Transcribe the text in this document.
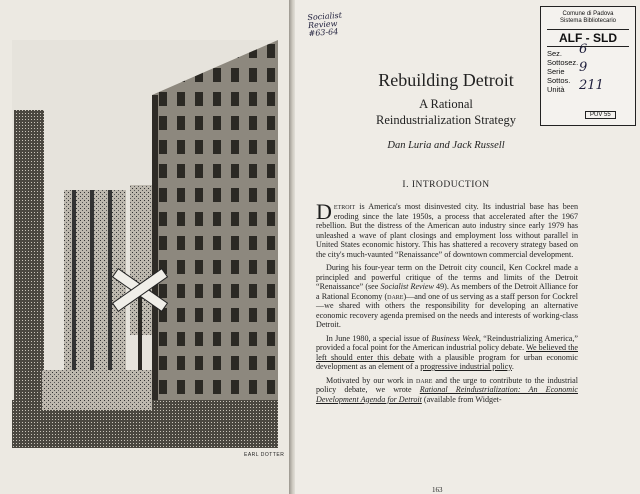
EARL DOTTER
Socialist
Review
#63-64
Comune di Padova
Sistema Bibliotecario
ALF - SLD
Sez. 6
Sottosez.
Serie 9
Sottos.
Unità 211
PUV 55
Rebuilding Detroit
A Rational
Reindustrialization Strategy
Dan Luria and Jack Russell
I. INTRODUCTION

Detroit is America's most disinvested city. Its industrial base has been eroding since the late 1950s, a process that accelerated after the 1967 rebellion. But the distress of the American auto industry since early 1979 has unleashed a wave of plant closings and employment loss without parallel in United States economic history. This has shattered a recovery strategy based on the city's much-vaunted “Renaissance” of downtown commercial development.

During his four-year term on the Detroit city council, Ken Cockrel made a principled and powerful critique of the terms and limits of the Detroit “Renaissance” (see Socialist Review 49). As members of the Detroit Alliance for a Rational Economy (dare)—and one of us serving as a staff person for Cockrel—we shared with others the responsibility for developing an alternative economic recovery agenda premised on the needs and interests of working-class Detroit.

In June 1980, a special issue of Business Week, “Reindustrializing America,” provided a focal point for the American industrial policy debate. We believed the left should enter this debate with a plausible program for urban economic development as an element of a progressive industrial policy.

Motivated by our work in dare and the urge to contribute to the industrial policy debate, we wrote Rational Reindustrialization: An Economic Development Agenda for Detroit (available from Widget-

163
